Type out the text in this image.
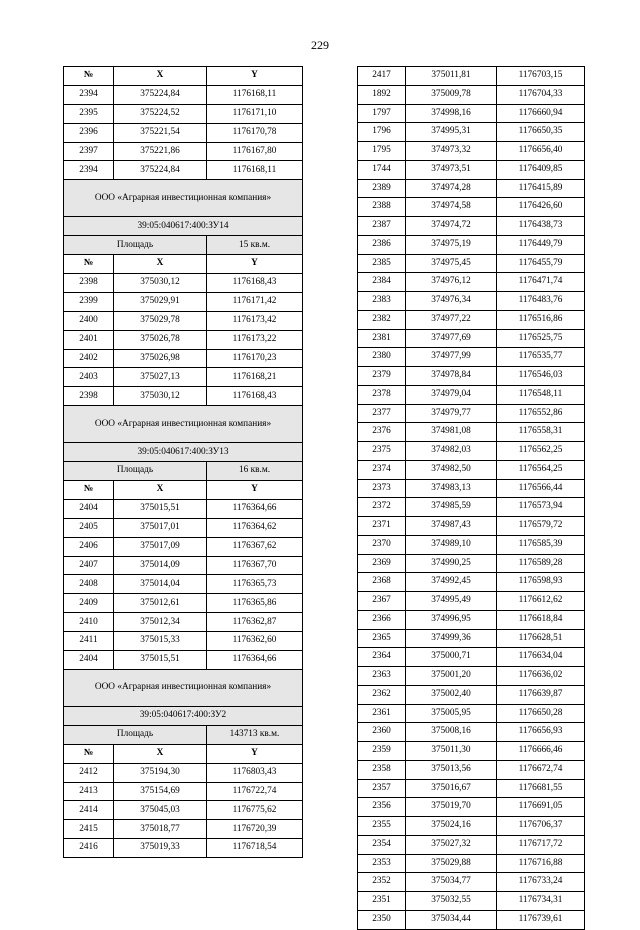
229
№	X	Y
2394	375224,84	1176168,11
2395	375224,52	1176171,10
2396	375221,54	1176170,78
2397	375221,86	1176167,80
2394	375224,84	1176168,11
ООО «Аграрная инвестиционная компания»		
39:05:040617:400:ЗУ14		
Площадь		15 кв.м.
№	X	Y
2398	375030,12	1176168,43
2399	375029,91	1176171,42
2400	375029,78	1176173,42
2401	375026,78	1176173,22
2402	375026,98	1176170,23
2403	375027,13	1176168,21
2398	375030,12	1176168,43
ООО «Аграрная инвестиционная компания»		
39:05:040617:400:ЗУ13		
Площадь		16 кв.м.
№	X	Y
2404	375015,51	1176364,66
2405	375017,01	1176364,62
2406	375017,09	1176367,62
2407	375014,09	1176367,70
2408	375014,04	1176365,73
2409	375012,61	1176365,86
2410	375012,34	1176362,87
2411	375015,33	1176362,60
2404	375015,51	1176364,66
ООО «Аграрная инвестиционная компания»		
39:05:040617:400:ЗУ2		
Площадь		143713 кв.м.
№	X	Y
2412	375194,30	1176803,43
2413	375154,69	1176722,74
2414	375045,03	1176775,62
2415	375018,77	1176720,39
2416	375019,33	1176718,54
2417	375011,81	1176703,15
1892	375009,78	1176704,33
1797	374998,16	1176660,94
1796	374995,31	1176650,35
1795	374973,32	1176656,40
1744	374973,51	1176409,85
2389	374974,28	1176415,89
2388	374974,58	1176426,60
2387	374974,72	1176438,73
2386	374975,19	1176449,79
2385	374975,45	1176455,79
2384	374976,12	1176471,74
2383	374976,34	1176483,76
2382	374977,22	1176516,86
2381	374977,69	1176525,75
2380	374977,99	1176535,77
2379	374978,84	1176546,03
2378	374979,04	1176548,11
2377	374979,77	1176552,86
2376	374981,08	1176558,31
2375	374982,03	1176562,25
2374	374982,50	1176564,25
2373	374983,13	1176566,44
2372	374985,59	1176573,94
2371	374987,43	1176579,72
2370	374989,10	1176585,39
2369	374990,25	1176589,28
2368	374992,45	1176598,93
2367	374995,49	1176612,62
2366	374996,95	1176618,84
2365	374999,36	1176628,51
2364	375000,71	1176634,04
2363	375001,20	1176636,02
2362	375002,40	1176639,87
2361	375005,95	1176650,28
2360	375008,16	1176656,93
2359	375011,30	1176666,46
2358	375013,56	1176672,74
2357	375016,67	1176681,55
2356	375019,70	1176691,05
2355	375024,16	1176706,37
2354	375027,32	1176717,72
2353	375029,88	1176716,88
2352	375034,77	1176733,24
2351	375032,55	1176734,31
2350	375034,44	1176739,61
